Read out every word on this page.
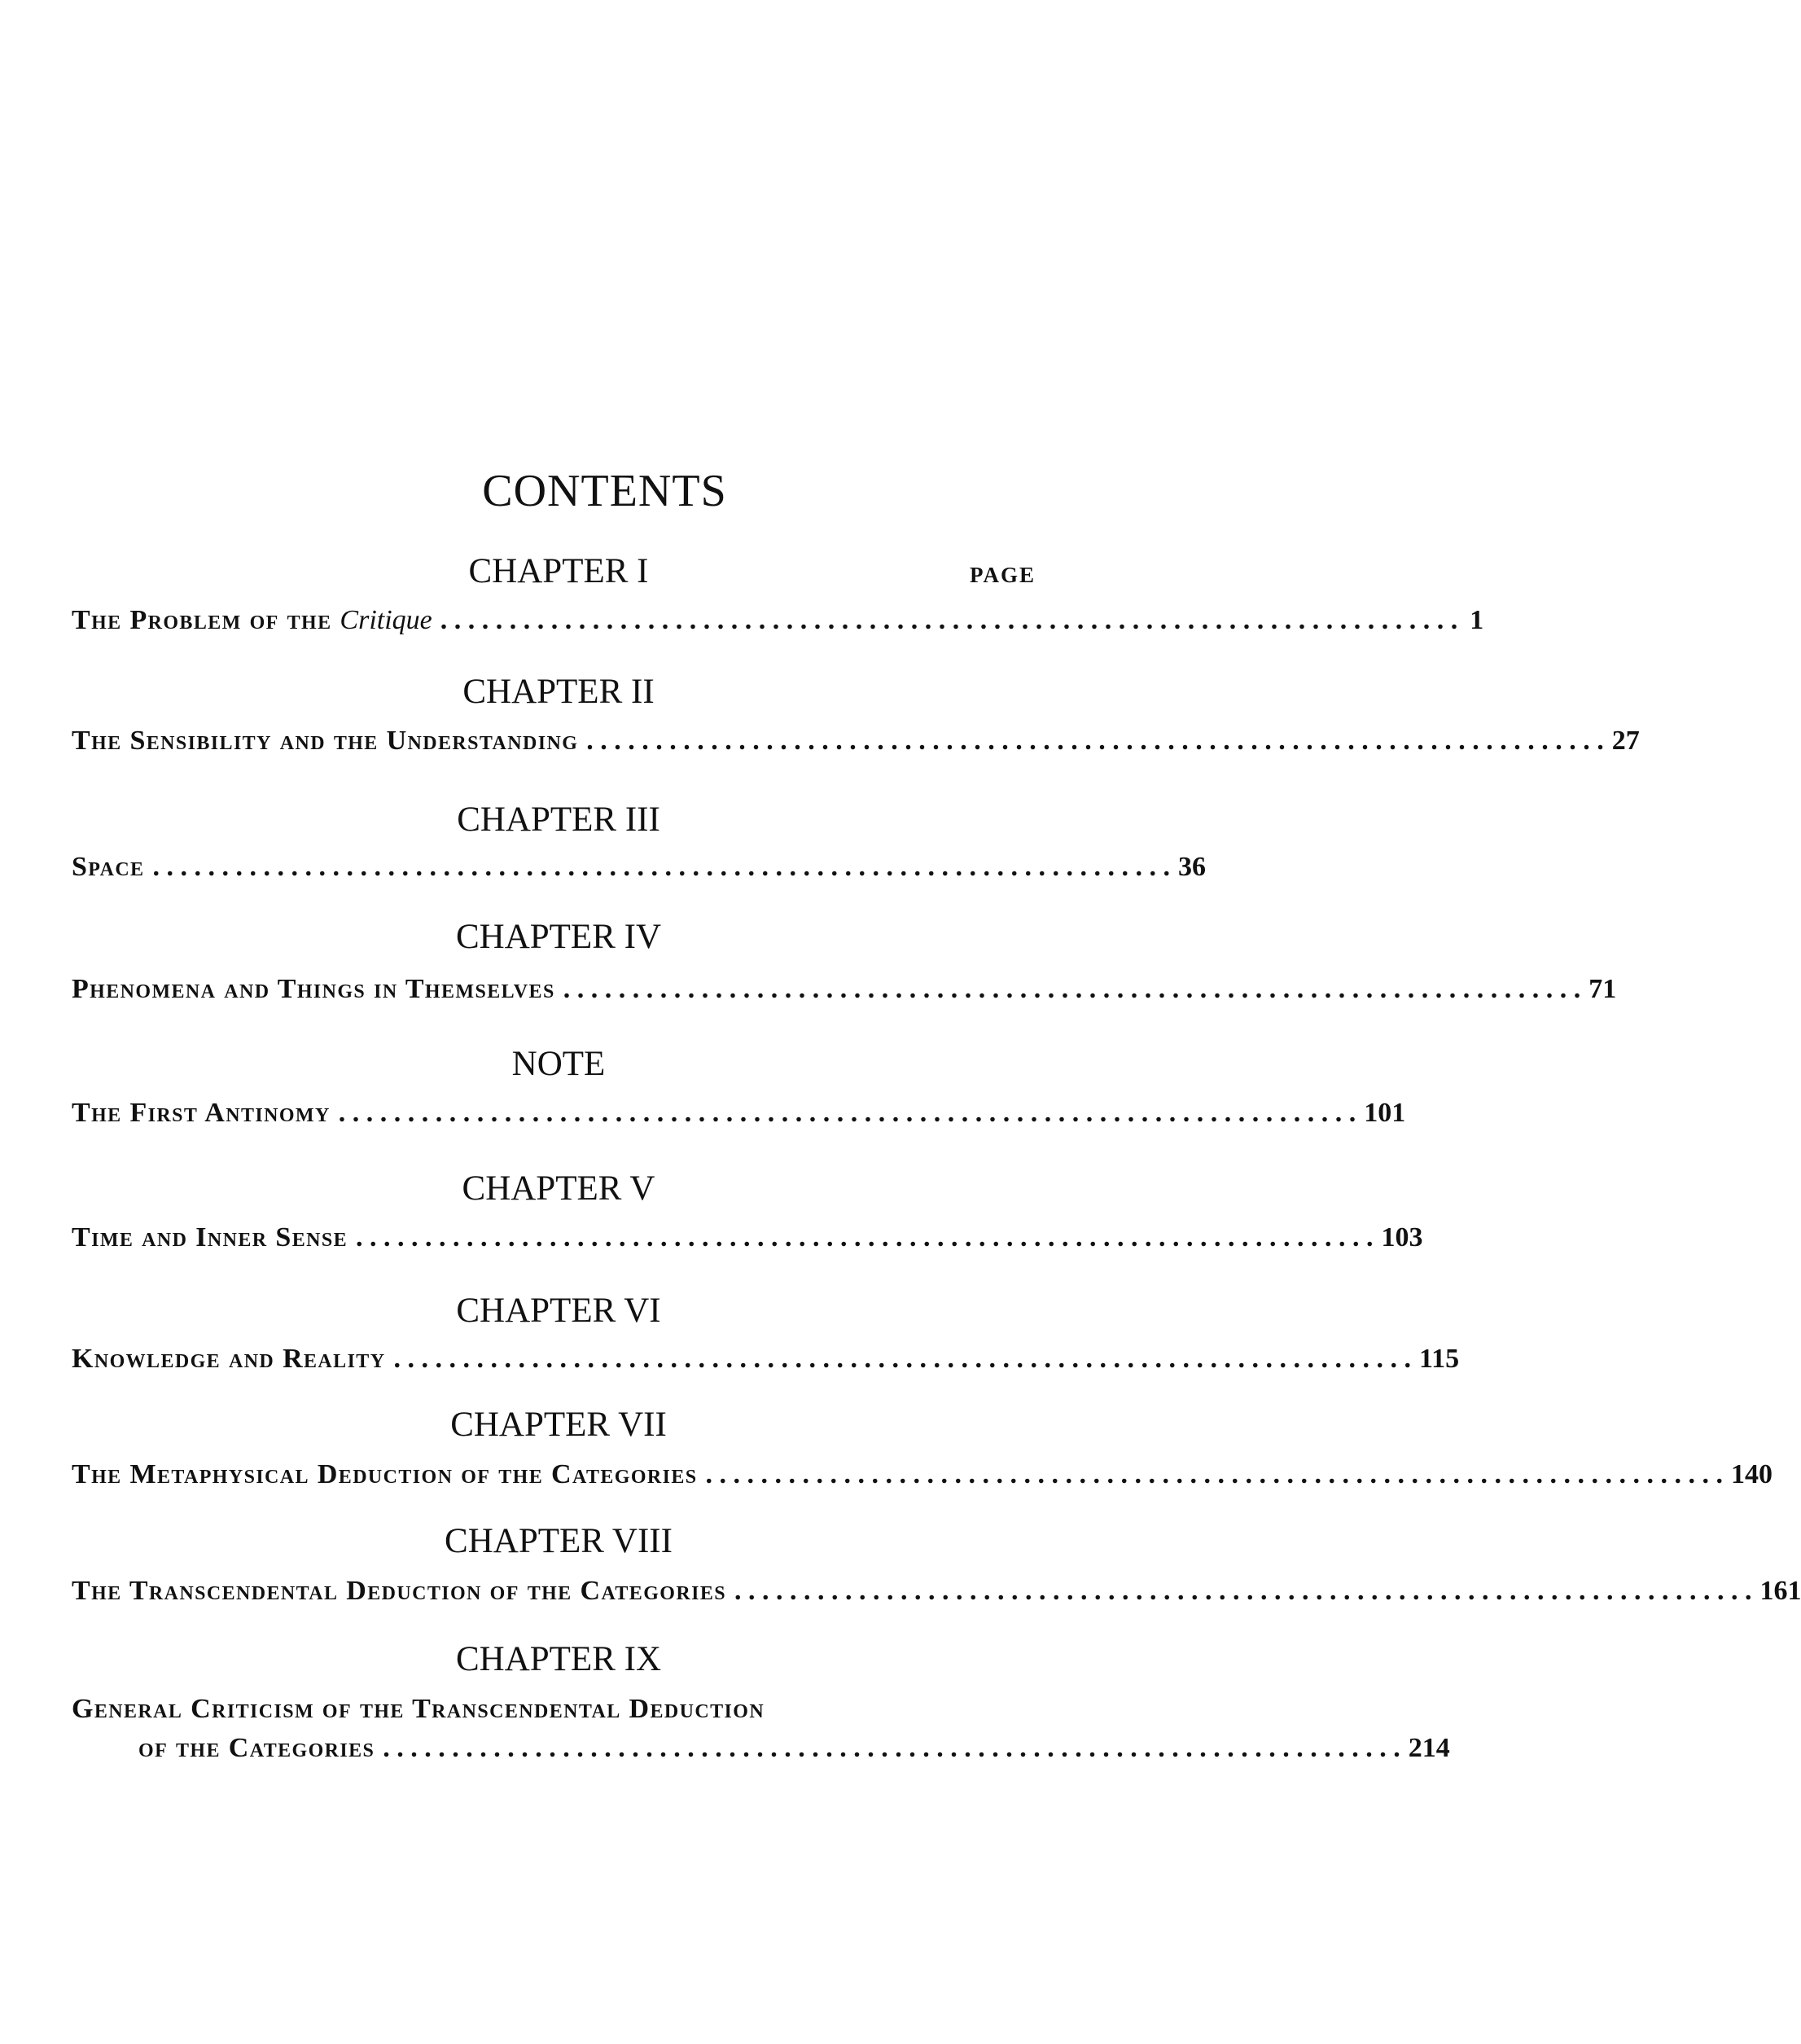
CONTENTS
CHAPTER I	PAGE
The Problem of the Critique . . . . . . . . . . . . . . . . . . . . . . . . . . . . . . . . . . . . . . . . . . . . . . . . . . . . . . . . . . . . . . . . . . . . . . . . . . 1
CHAPTER II
The Sensibility and the Understanding . . . . . . . . . . . . . . . . . . . . . . . . . . . . . . . . . . . . . . . . . . . . . . . . . . . . . . . . . . . . . . . . . . . . . . . . . . 27
CHAPTER III
Space . . . . . . . . . . . . . . . . . . . . . . . . . . . . . . . . . . . . . . . . . . . . . . . . . . . . . . . . . . . . . . . . . . . . . . . . . . 36
CHAPTER IV
Phenomena and Things in Themselves . . . . . . . . . . . . . . . . . . . . . . . . . . . . . . . . . . . . . . . . . . . . . . . . . . . . . . . . . . . . . . . . . . . . . . . . . . 71
NOTE
The First Antinomy . . . . . . . . . . . . . . . . . . . . . . . . . . . . . . . . . . . . . . . . . . . . . . . . . . . . . . . . . . . . . . . . . . . . . . . . . . 101
CHAPTER V
Time and Inner Sense . . . . . . . . . . . . . . . . . . . . . . . . . . . . . . . . . . . . . . . . . . . . . . . . . . . . . . . . . . . . . . . . . . . . . . . . . . 103
CHAPTER VI
Knowledge and Reality . . . . . . . . . . . . . . . . . . . . . . . . . . . . . . . . . . . . . . . . . . . . . . . . . . . . . . . . . . . . . . . . . . . . . . . . . . 115
CHAPTER VII
The Metaphysical Deduction of the Categories . . . . . . . . . . . . . . . . . . . . . . . . . . . . . . . . . . . . . . . . . . . . . . . . . . . . . . . . . . . . . . . . . . . . . . . . . . 140
CHAPTER VIII
The Transcendental Deduction of the Categories . . . . . . . . . . . . . . . . . . . . . . . . . . . . . . . . . . . . . . . . . . . . . . . . . . . . . . . . . . . . . . . . . . . . . . . . . . 161
CHAPTER IX
General Criticism of the Transcendental Deduction
of the Categories . . . . . . . . . . . . . . . . . . . . . . . . . . . . . . . . . . . . . . . . . . . . . . . . . . . . . . . . . . . . . . . . . . . . . . . . . . 214
